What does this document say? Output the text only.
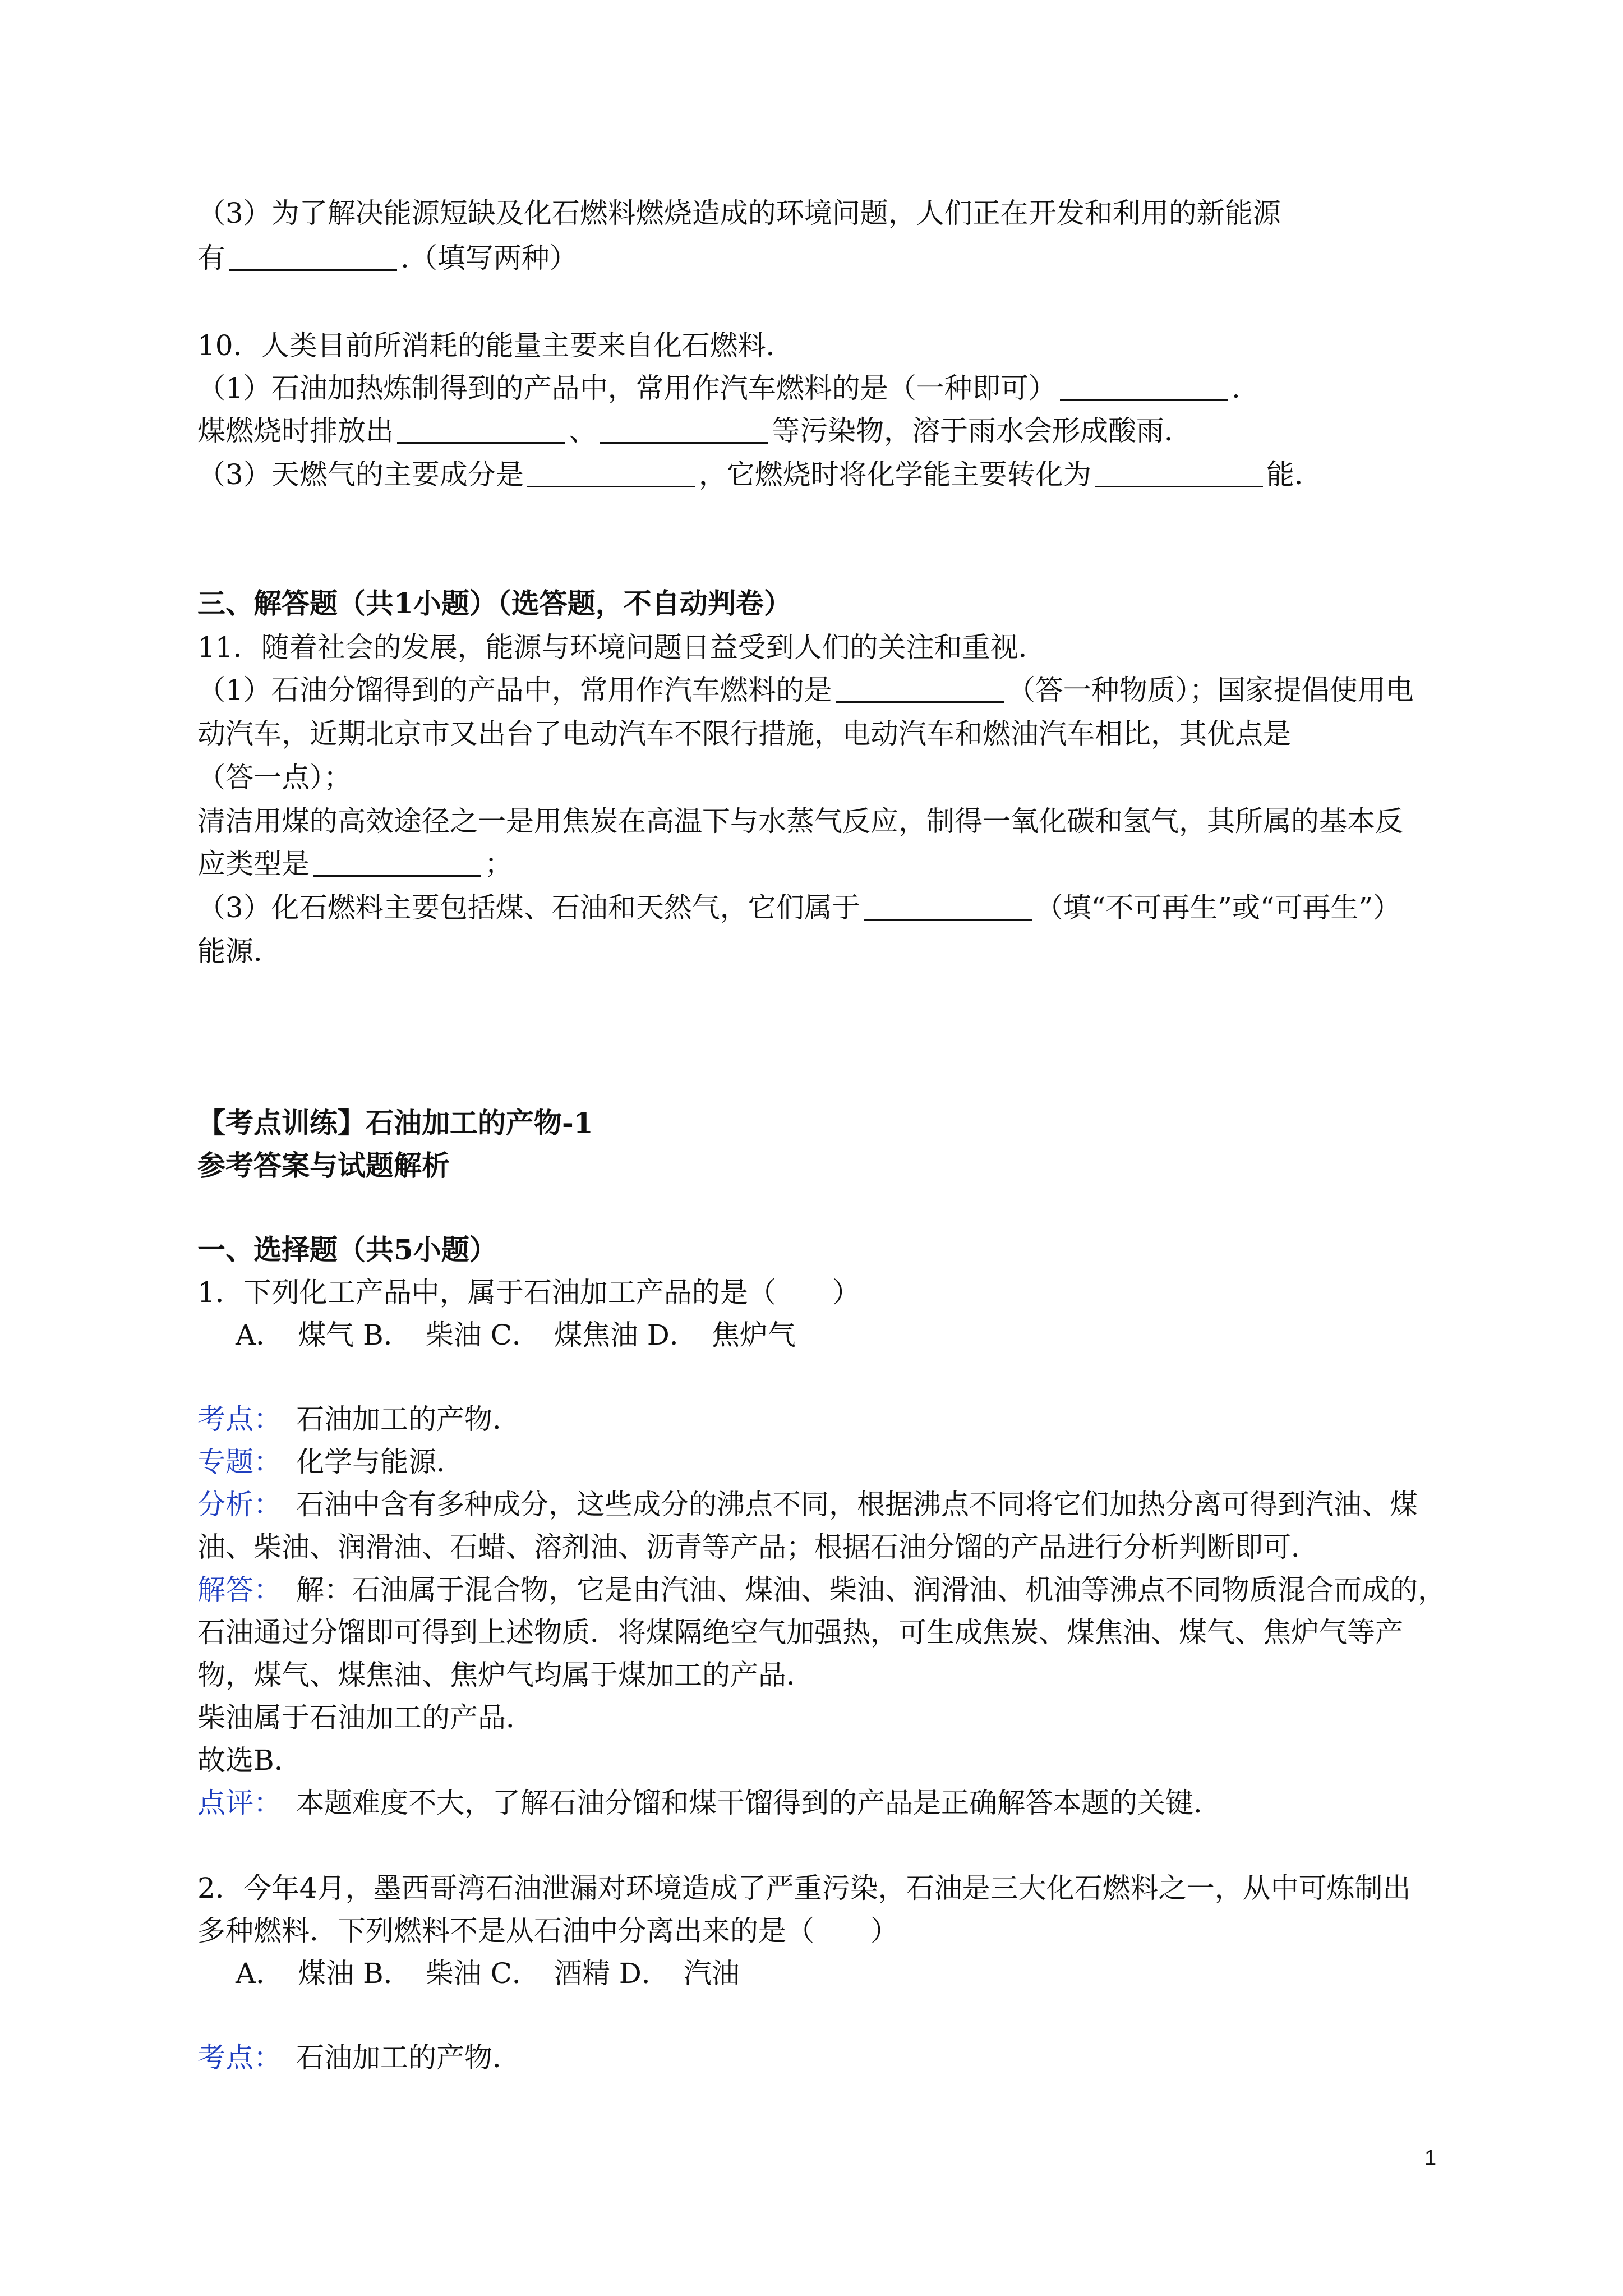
（3）为了解决能源短缺及化石燃料燃烧造成的环境问题，人们正在开发和利用的新能源

有	.（填写两种）

10．人类目前所消耗的能量主要来自化石燃料．

（1）石油加热炼制得到的产品中，常用作汽车燃料的是（一种即可）	.

煤燃烧时排放出	、	等污染物，溶于雨水会形成酸雨．

（3）天燃气的主要成分是	，它燃烧时将化学能主要转化为	能．

三、解答题（共1小题）（选答题，不自动判卷）

11．随着社会的发展，能源与环境问题日益受到人们的关注和重视．

（1）石油分馏得到的产品中，常用作汽车燃料的是	（答一种物质）；国家提倡使用电

动汽车，近期北京市又出台了电动汽车不限行措施，电动汽车和燃油汽车相比，其优点是

（答一点）；

清洁用煤的高效途径之一是用焦炭在高温下与水蒸气反应，制得一氧化碳和氢气，其所属的基本反

应类型是	；

（3）化石燃料主要包括煤、石油和天然气，它们属于	（填“不可再生”或“可再生”）

能源．

【考点训练】石油加工的产物-1

参考答案与试题解析

一、选择题（共5小题）

1．下列化工产品中，属于石油加工产品的是（　　）

A．　煤气 B．　柴油 C．　煤焦油 D．　焦炉气

考点： 石油加工的产物．

专题： 化学与能源．

分析： 石油中含有多种成分，这些成分的沸点不同，根据沸点不同将它们加热分离可得到汽油、煤

油、柴油、润滑油、石蜡、溶剂油、沥青等产品；根据石油分馏的产品进行分析判断即可．

解答： 解：石油属于混合物，它是由汽油、煤油、柴油、润滑油、机油等沸点不同物质混合而成的，

石油通过分馏即可得到上述物质．将煤隔绝空气加强热，可生成焦炭、煤焦油、煤气、焦炉气等产

物，煤气、煤焦油、焦炉气均属于煤加工的产品．

柴油属于石油加工的产品．

故选B．

点评： 本题难度不大，了解石油分馏和煤干馏得到的产品是正确解答本题的关键．

2．今年4月，墨西哥湾石油泄漏对环境造成了严重污染，石油是三大化石燃料之一，从中可炼制出

多种燃料．下列燃料不是从石油中分离出来的是（　　）

A．　煤油 B．　柴油 C．　酒精 D．　汽油

考点： 石油加工的产物．

1
